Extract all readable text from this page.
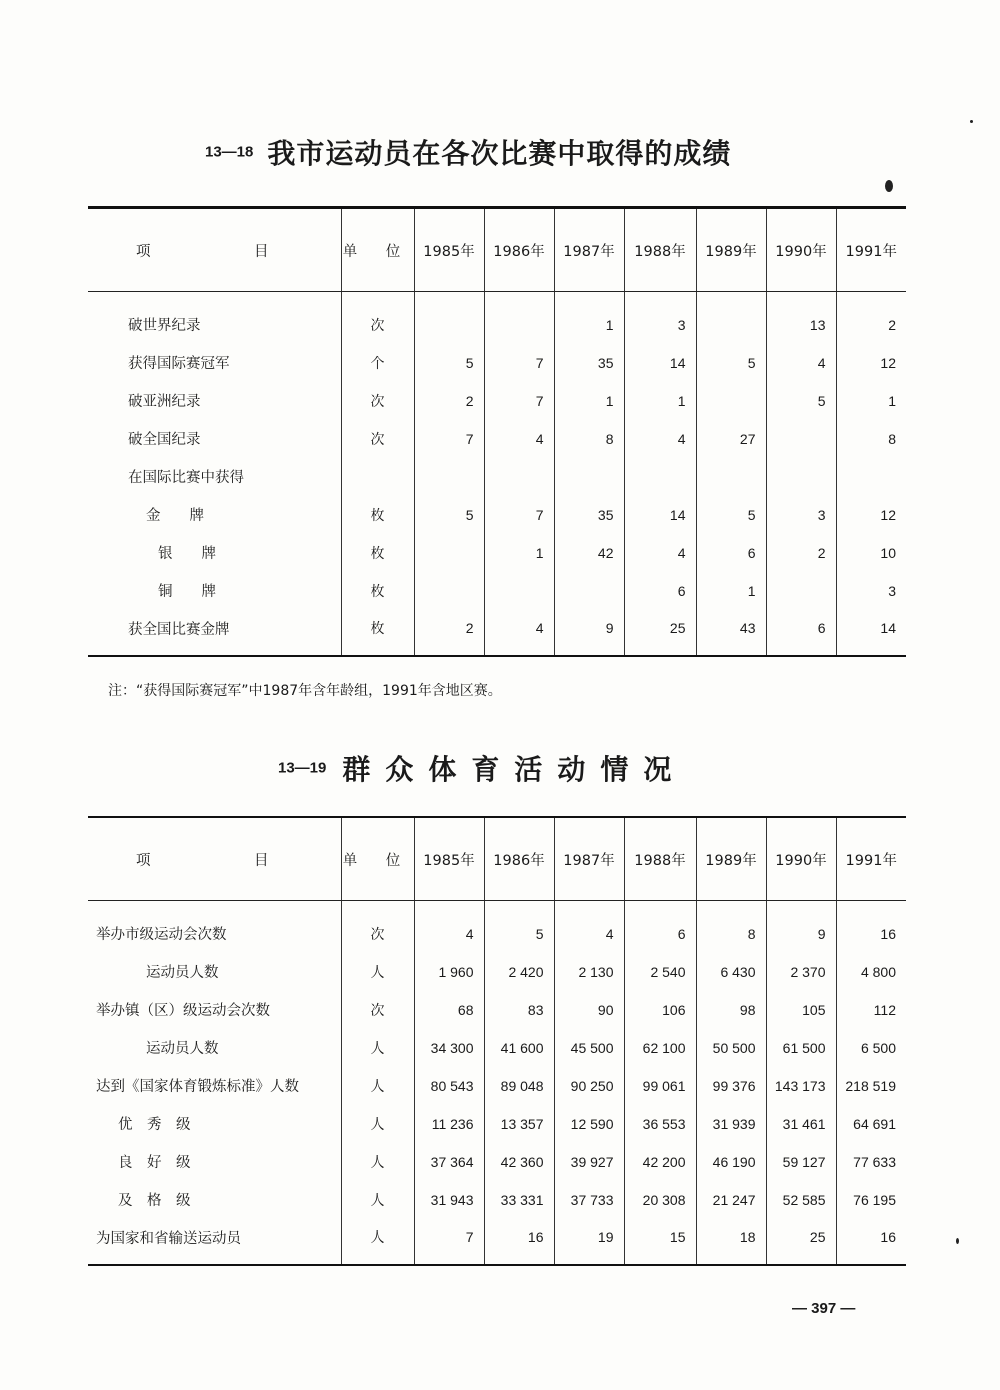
13—18 我市运动员在各次比赛中取得的成绩
项 目	单 位	1985年	1986年	1987年	1988年	1989年	1990年	1991年
破世界纪录	次			1	3		13	2
获得国际赛冠军	个	5	7	35	14	5	4	12
破亚洲纪录	次	2	7	1	1		5	1
破全国纪录	次	7	4	8	4	27		8
在国际比赛中获得								
金　　牌	枚	5	7	35	14	5	3	12
银　　牌	枚		1	42	4	6	2	10
铜　　牌	枚				6	1		3
获全国比赛金牌	枚	2	4	9	25	43	6	14
注：“获得国际赛冠军”中1987年含年龄组，1991年含地区赛。
13—19 群众体育活动情况
项 目	单 位	1985年	1986年	1987年	1988年	1989年	1990年	1991年
举办市级运动会次数	次	4	5	4	6	8	9	16
运动员人数	人	1 960	2 420	2 130	2 540	6 430	2 370	4 800
举办镇（区）级运动会次数	次	68	83	90	106	98	105	112
运动员人数	人	34 300	41 600	45 500	62 100	50 500	61 500	6 500
达到《国家体育锻炼标准》人数	人	80 543	89 048	90 250	99 061	99 376	143 173	218 519
优　秀　级	人	11 236	13 357	12 590	36 553	31 939	31 461	64 691
良　好　级	人	37 364	42 360	39 927	42 200	46 190	59 127	77 633
及　格　级	人	31 943	33 331	37 733	20 308	21 247	52 585	76 195
为国家和省输送运动员	人	7	16	19	15	18	25	16
— 397 —
